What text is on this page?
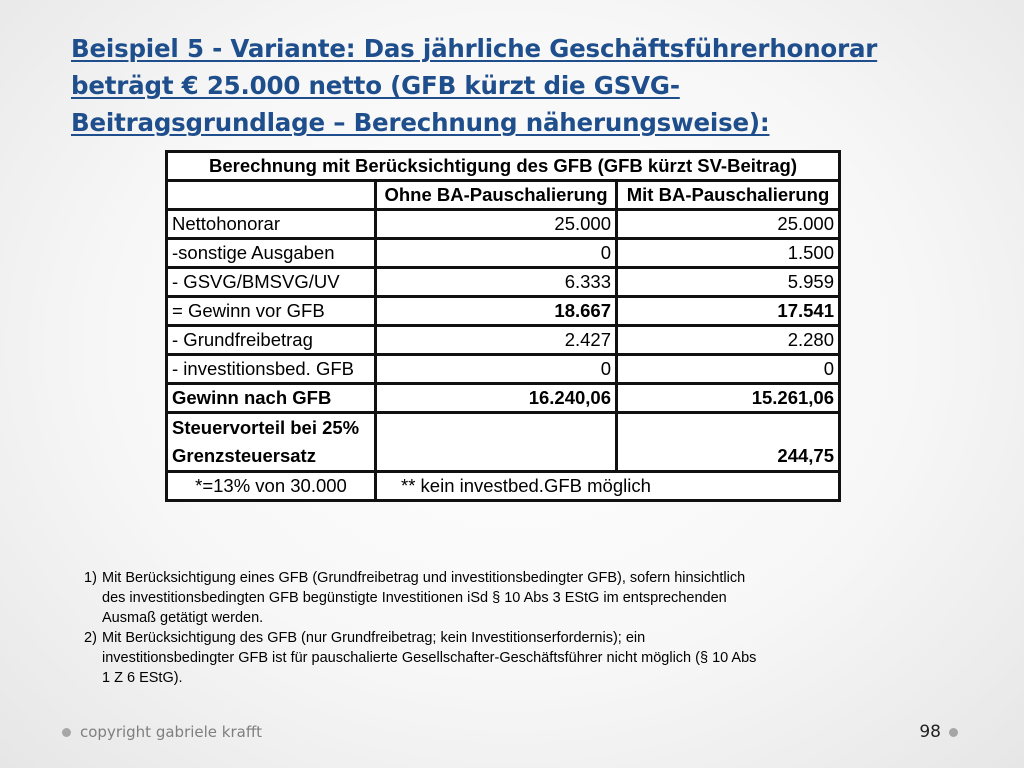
Beispiel 5 - Variante: Das jährliche Geschäftsführerhonorar
beträgt € 25.000 netto (GFB kürzt die GSVG-
Beitragsgrundlage – Berechnung näherungsweise):
Berechnung mit Berücksichtigung des GFB (GFB kürzt SV-Beitrag)		
	Ohne BA-Pauschalierung	Mit BA-Pauschalierung
Nettohonorar	25.000	25.000
-sonstige Ausgaben	0	1.500
- GSVG/BMSVG/UV	6.333	5.959
= Gewinn vor GFB	18.667	17.541
- Grundfreibetrag	2.427	2.280
- investitionsbed. GFB	0	0
Gewinn nach GFB	16.240,06	15.261,06

Steuervorteil bei 25%
Grenzsteuersatz		244,75
*=13% von 30.000	** kein investbed.GFB möglich	
1) Mit Berücksichtigung eines GFB (Grundfreibetrag und investitionsbedingter GFB), sofern hinsichtlich
des investitionsbedingten GFB begünstigte Investitionen iSd § 10 Abs 3 EStG im entsprechenden
Ausmaß getätigt werden.
2) Mit Berücksichtigung des GFB (nur Grundfreibetrag; kein Investitionserfordernis); ein
investitionsbedingter GFB ist für pauschalierte Gesellschafter-Geschäftsführer nicht möglich (§ 10 Abs
1 Z 6 EStG).
copyright gabriele krafft	98
